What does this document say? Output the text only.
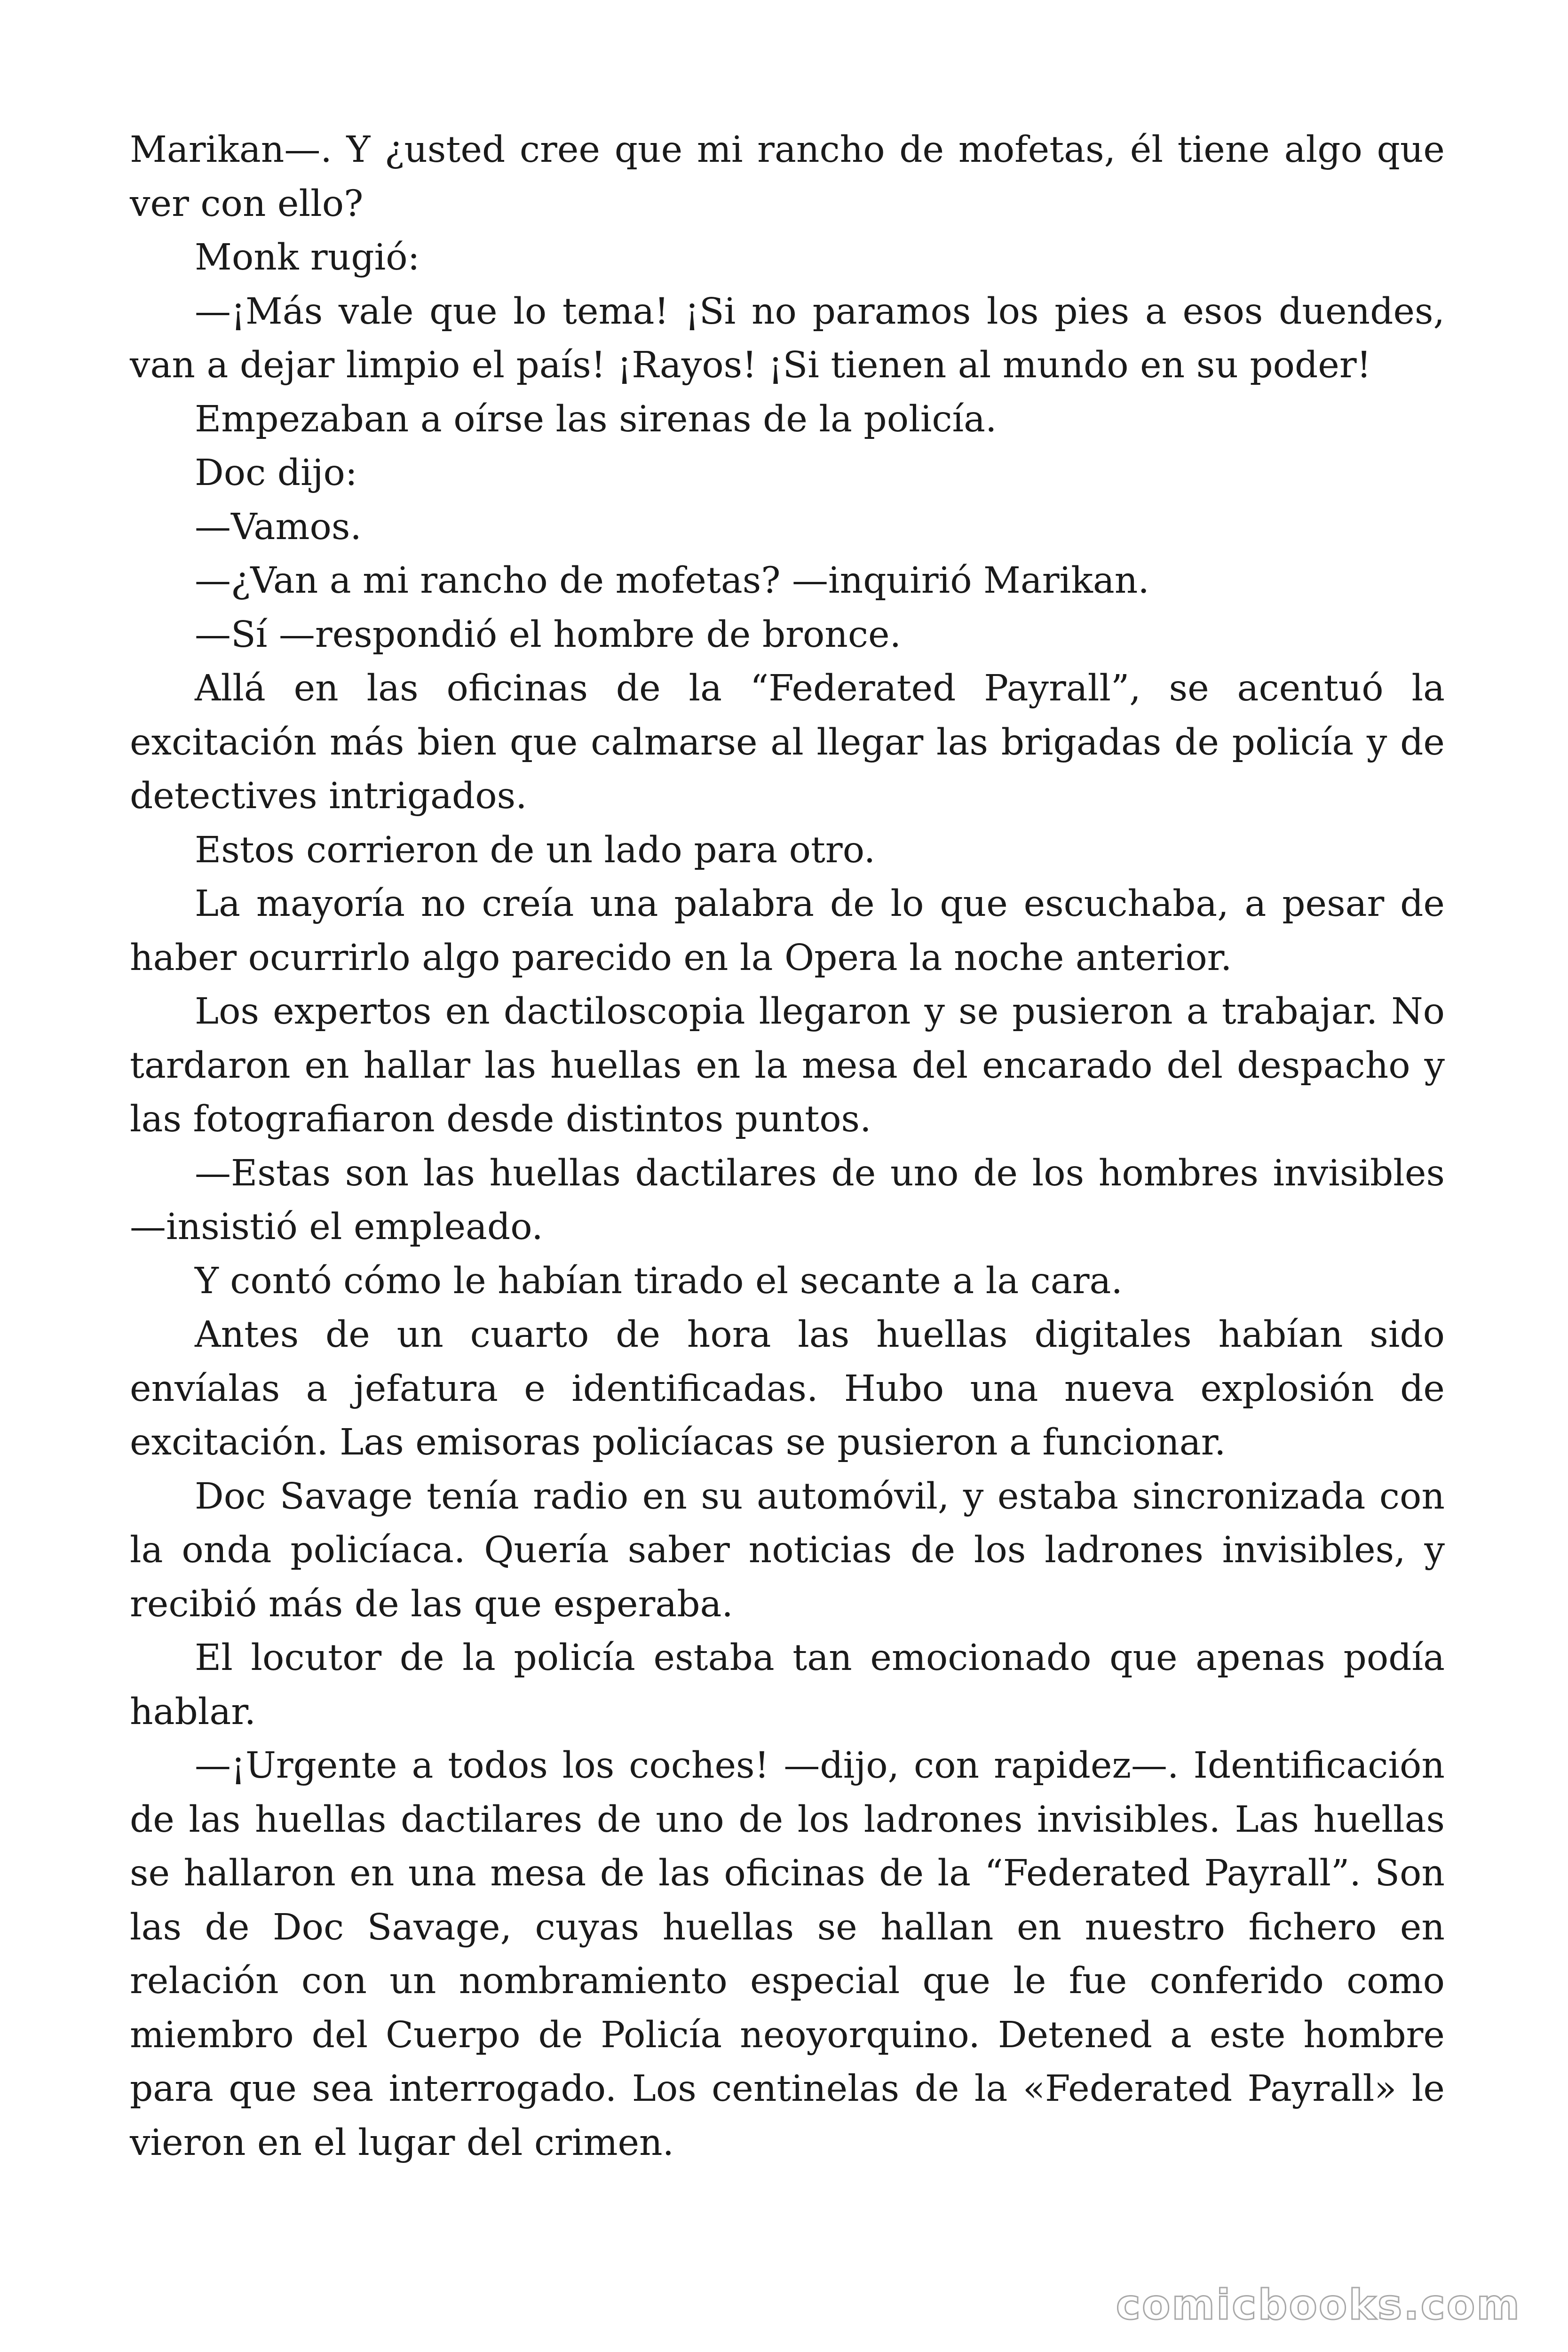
Marikan—. Y ¿usted cree que mi rancho de mofetas, él tiene algo que ver con ello?

Monk rugió:

—¡Más vale que lo tema! ¡Si no paramos los pies a esos duendes, van a dejar limpio el país! ¡Rayos! ¡Si tienen al mundo en su poder!

Empezaban a oírse las sirenas de la policía.

Doc dijo:

—Vamos.

—¿Van a mi rancho de mofetas? —inquirió Marikan.

—Sí —respondió el hombre de bronce.

Allá en las oficinas de la “Federated Payrall”, se acentuó la excitación más bien que calmarse al llegar las brigadas de policía y de detectives intrigados.

Estos corrieron de un lado para otro.

La mayoría no creía una palabra de lo que escuchaba, a pesar de haber ocurrirlo algo parecido en la Opera la noche anterior.

Los expertos en dactiloscopia llegaron y se pusieron a trabajar. No tardaron en hallar las huellas en la mesa del encarado del despacho y las fotografiaron desde distintos puntos.

—Estas son las huellas dactilares de uno de los hombres invisibles —insistió el empleado.

Y contó cómo le habían tirado el secante a la cara.

Antes de un cuarto de hora las huellas digitales habían sido envíalas a jefatura e identificadas. Hubo una nueva explosión de excitación. Las emisoras policíacas se pusieron a funcionar.

Doc Savage tenía radio en su automóvil, y estaba sincronizada con la onda policíaca. Quería saber noticias de los ladrones invisibles, y recibió más de las que esperaba.

El locutor de la policía estaba tan emocionado que apenas podía hablar.

—¡Urgente a todos los coches! —dijo, con rapidez—. Identificación de las huellas dactilares de uno de los ladrones invisibles. Las huellas se hallaron en una mesa de las oficinas de la “Federated Payrall”. Son las de Doc Savage, cuyas huellas se hallan en nuestro fichero en relación con un nombramiento especial que le fue conferido como miembro del Cuerpo de Policía neoyorquino. Detened a este hombre para que sea interrogado. Los centinelas de la «Federated Payrall» le vieron en el lugar del crimen.

comicbooks.com
